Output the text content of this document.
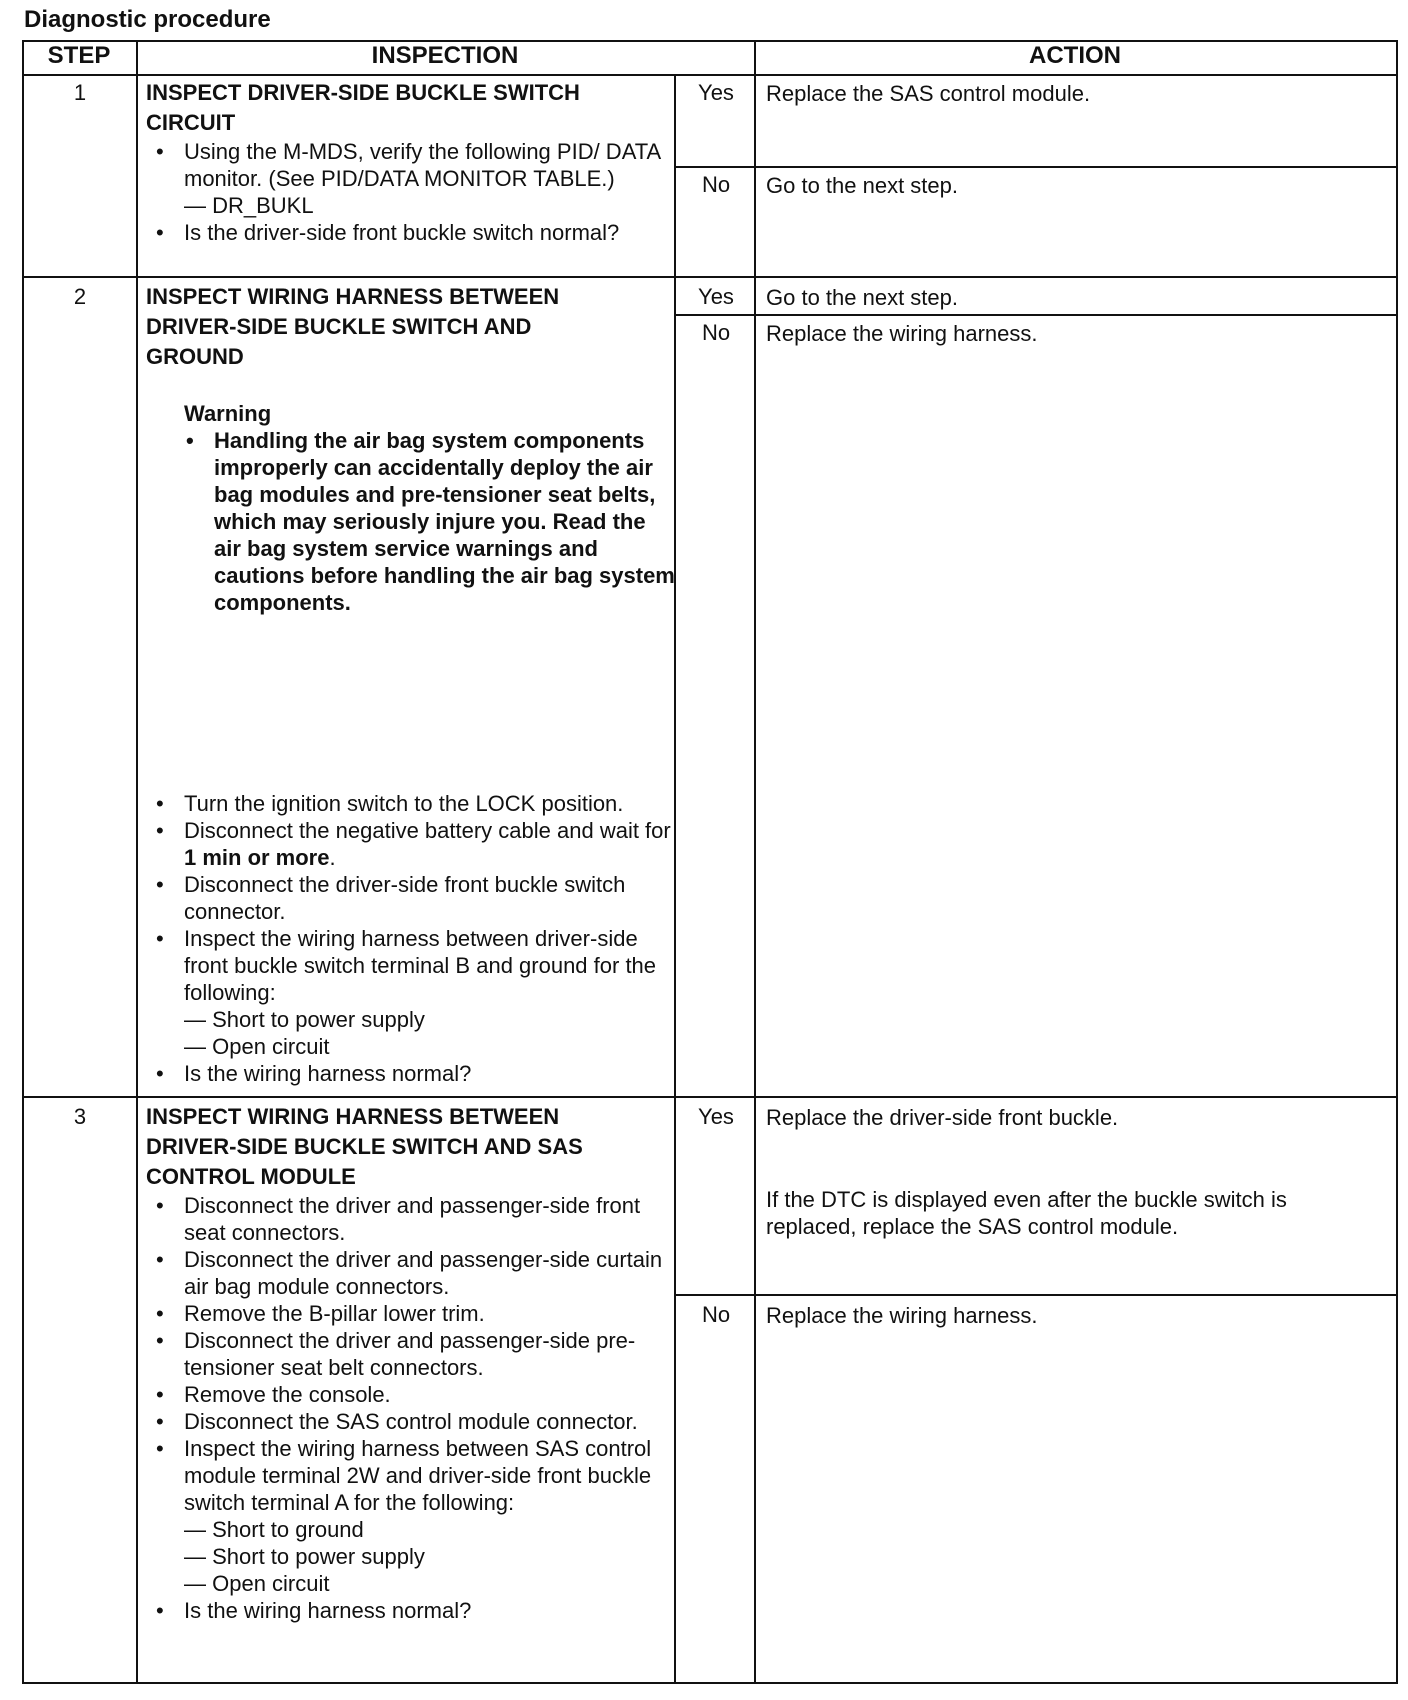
Diagnostic procedure
STEP	INSPECTION	ACTION
1	INSPECT DRIVER-SIDE BUCKLE SWITCH
CIRCUIT
• Using the M-MDS, verify the following PID/ DATA monitor. (See PID/DATA MONITOR TABLE.)
— DR_BUKL
• Is the driver-side front buckle switch normal?
Yes	Replace the SAS control module.
No	Go to the next step.
2	INSPECT WIRING HARNESS BETWEEN
DRIVER-SIDE BUCKLE SWITCH AND
GROUND
Warning
• Handling the air bag system components improperly can accidentally deploy the air bag modules and pre-tensioner seat belts, which may seriously injure you. Read the air bag system service warnings and cautions before handling the air bag system components.
• Turn the ignition switch to the LOCK position.
• Disconnect the negative battery cable and wait for 1 min or more.
• Disconnect the driver-side front buckle switch connector.
• Inspect the wiring harness between driver-side front buckle switch terminal B and ground for the following:
— Short to power supply
— Open circuit
• Is the wiring harness normal?
Yes	Go to the next step.
No	Replace the wiring harness.
3	INSPECT WIRING HARNESS BETWEEN
DRIVER-SIDE BUCKLE SWITCH AND SAS
CONTROL MODULE
• Disconnect the driver and passenger-side front seat connectors.
• Disconnect the driver and passenger-side curtain air bag module connectors.
• Remove the B-pillar lower trim.
• Disconnect the driver and passenger-side pre-tensioner seat belt connectors.
• Remove the console.
• Disconnect the SAS control module connector.
• Inspect the wiring harness between SAS control module terminal 2W and driver-side front buckle switch terminal A for the following:
— Short to ground
— Short to power supply
— Open circuit
• Is the wiring harness normal?
Yes	Replace the driver-side front buckle.
If the DTC is displayed even after the buckle switch is replaced, replace the SAS control module.
No	Replace the wiring harness.
